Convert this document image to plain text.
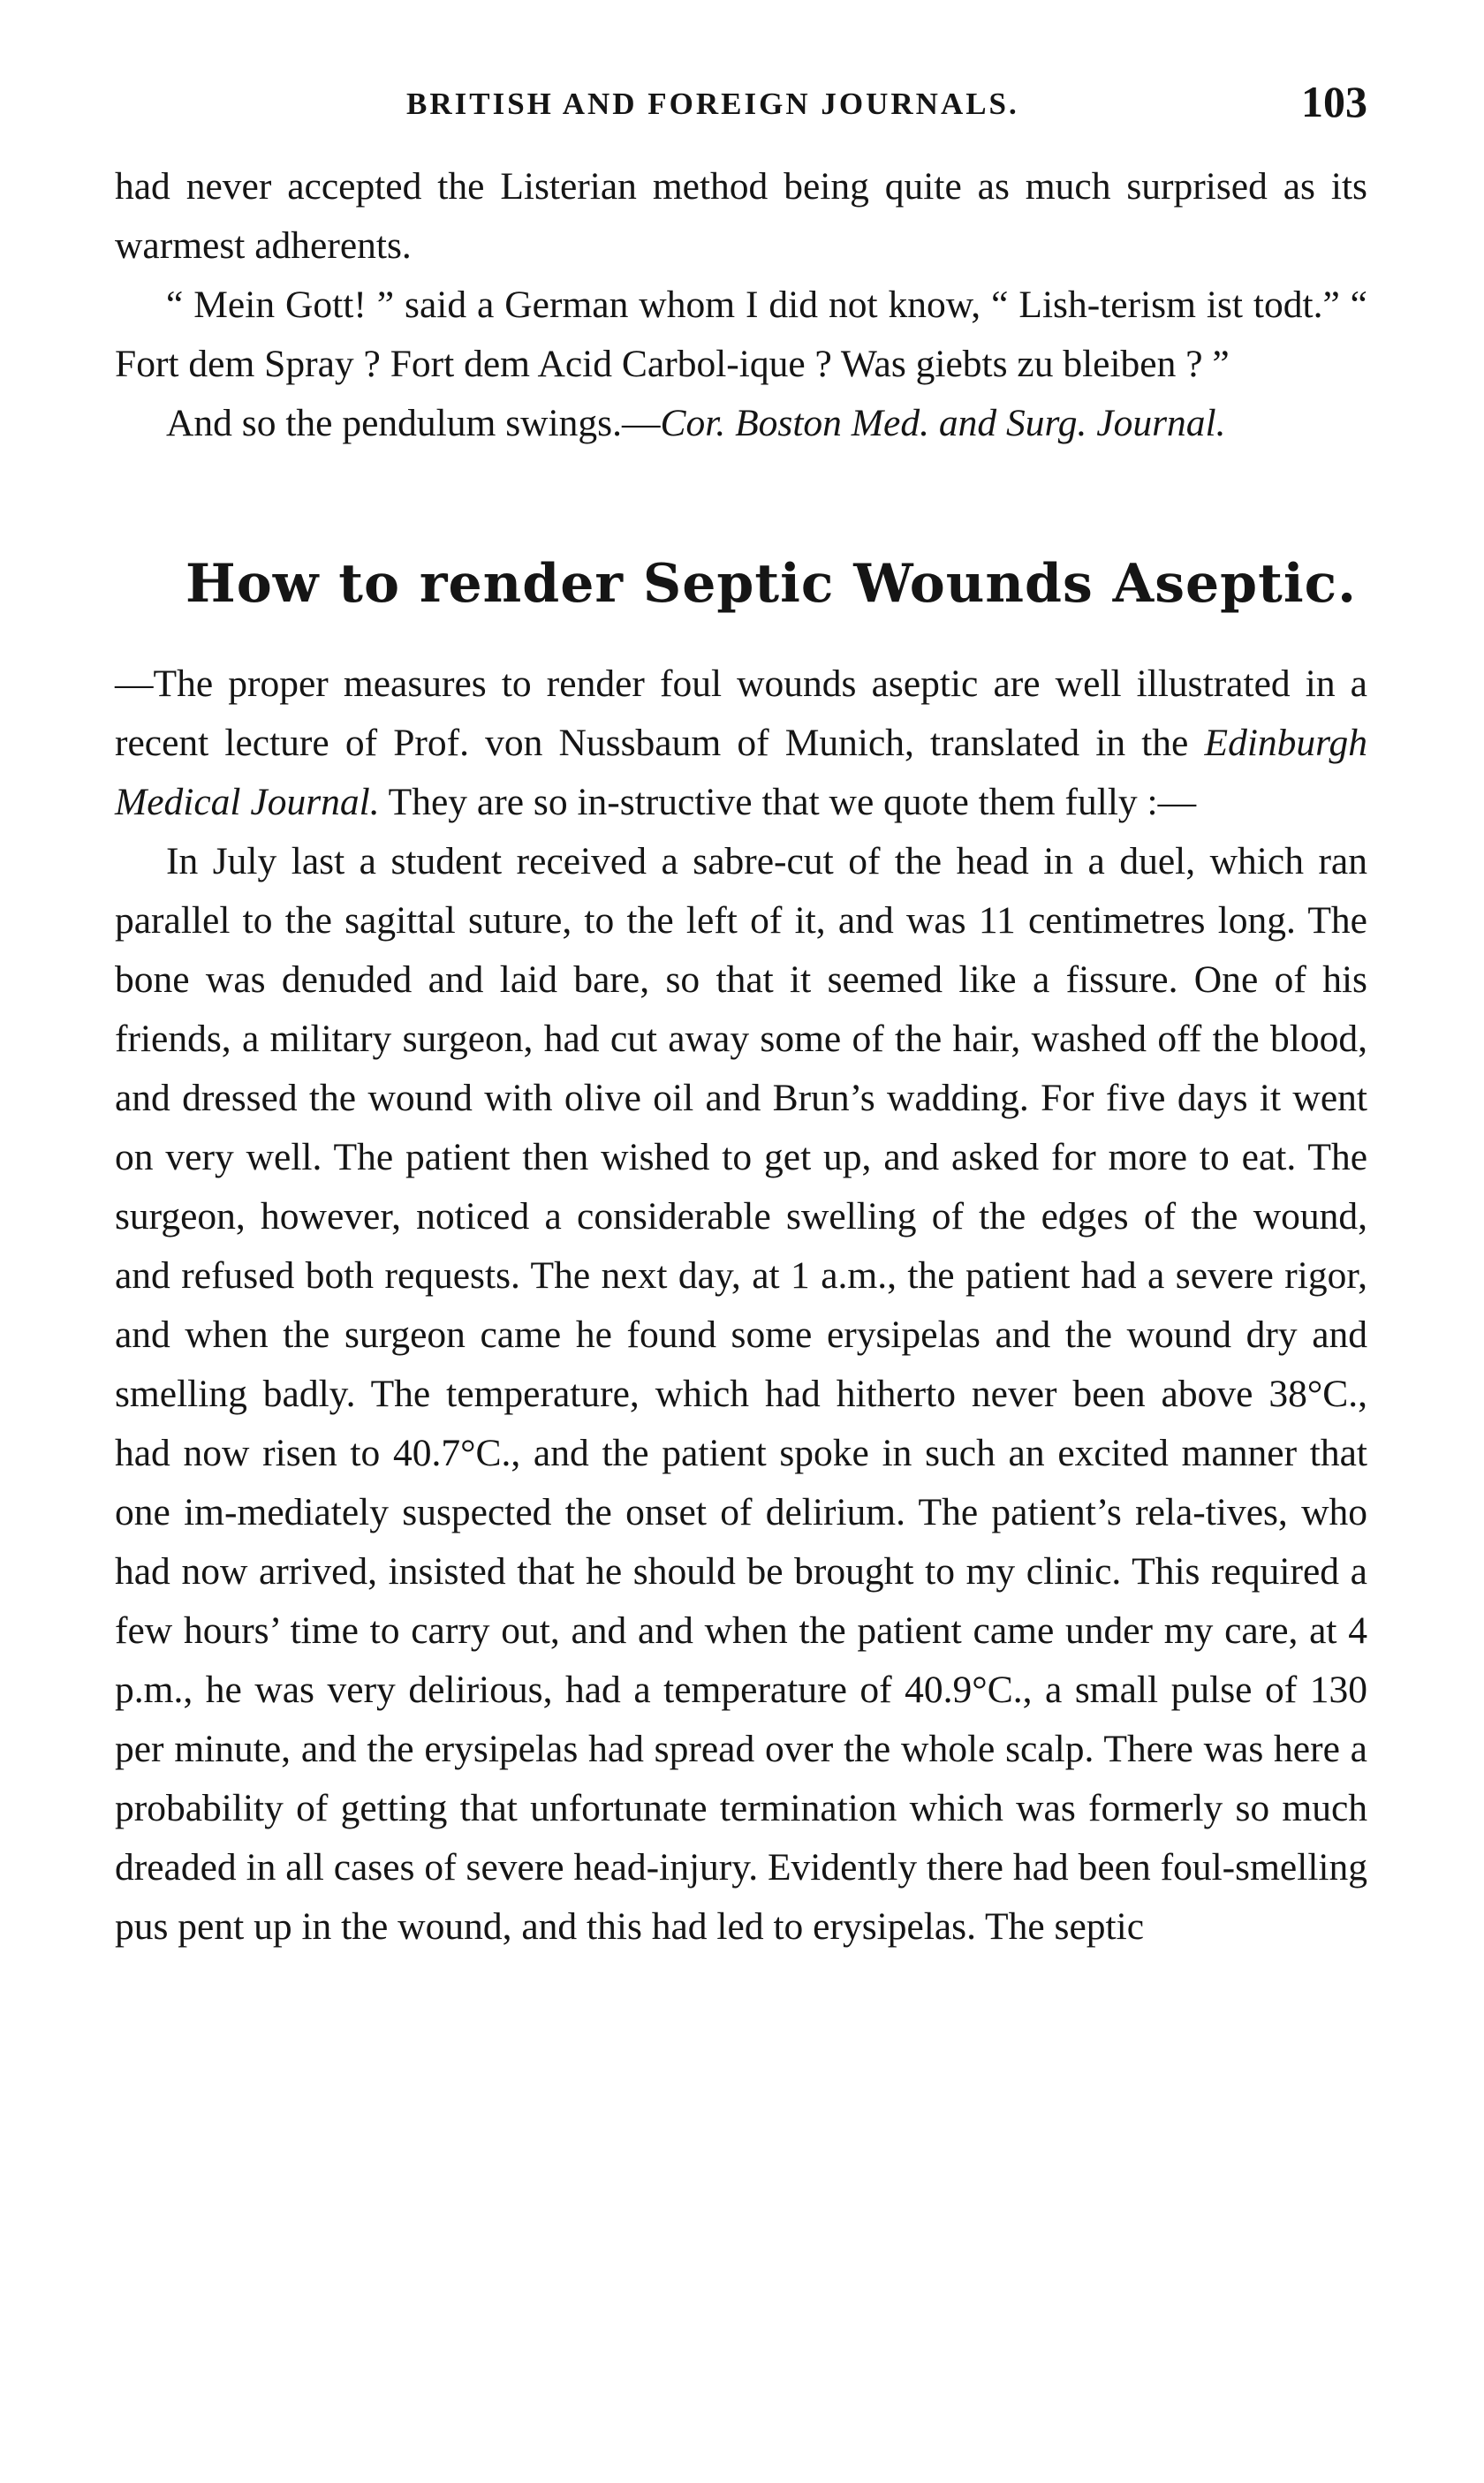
BRITISH AND FOREIGN JOURNALS.	103

had never accepted the Listerian method being quite as much surprised as its warmest adherents.

“ Mein Gott! ” said a German whom I did not know, “ Lish-terism ist todt.” “ Fort dem Spray ? Fort dem Acid Carbol-ique ? Was giebts zu bleiben ? ”

And so the pendulum swings.—Cor. Boston Med. and Surg. Journal.

How to render Septic Wounds Aseptic.

—The proper measures to render foul wounds aseptic are well illustrated in a recent lecture of Prof. von Nussbaum of Munich, translated in the Edinburgh Medical Journal. They are so in-structive that we quote them fully :—

In July last a student received a sabre-cut of the head in a duel, which ran parallel to the sagittal suture, to the left of it, and was 11 centimetres long. The bone was denuded and laid bare, so that it seemed like a fissure. One of his friends, a military surgeon, had cut away some of the hair, washed off the blood, and dressed the wound with olive oil and Brun’s wadding. For five days it went on very well. The patient then wished to get up, and asked for more to eat. The surgeon, however, noticed a considerable swelling of the edges of the wound, and refused both requests. The next day, at 1 a.m., the patient had a severe rigor, and when the surgeon came he found some erysipelas and the wound dry and smelling badly. The temperature, which had hitherto never been above 38°C., had now risen to 40.7°C., and the patient spoke in such an excited manner that one im-mediately suspected the onset of delirium. The patient’s rela-tives, who had now arrived, insisted that he should be brought to my clinic. This required a few hours’ time to carry out, and and when the patient came under my care, at 4 p.m., he was very delirious, had a temperature of 40.9°C., a small pulse of 130 per minute, and the erysipelas had spread over the whole scalp. There was here a probability of getting that unfortunate termination which was formerly so much dreaded in all cases of severe head-injury. Evidently there had been foul-smelling pus pent up in the wound, and this had led to erysipelas. The septic
